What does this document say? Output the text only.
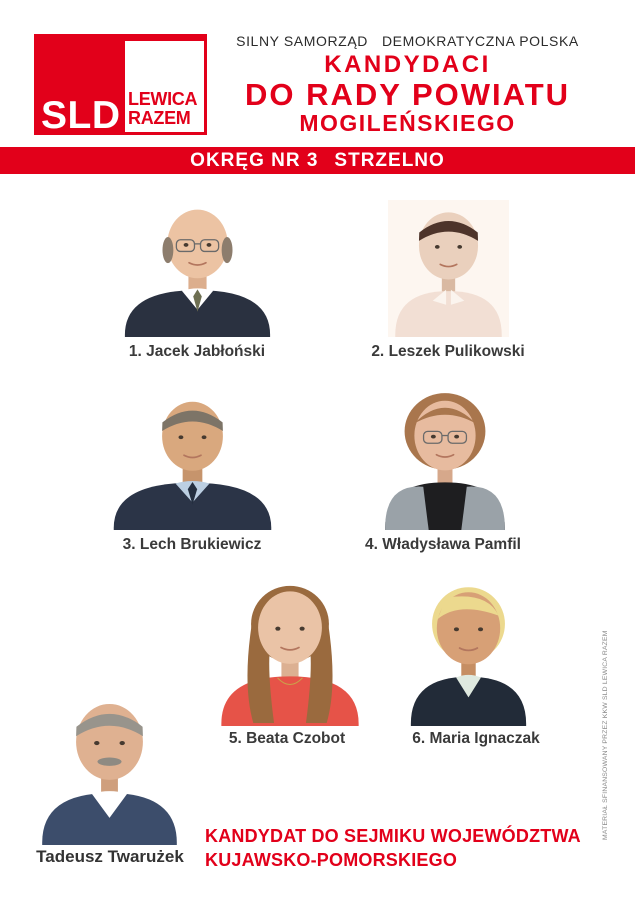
SLD LEWICA
RAZEM
SILNY SAMORZĄD DEMOKRATYCZNA POLSKA
KANDYDACI
DO RADY POWIATU
MOGILEŃSKIEGO
OKRĘG NR 3 STRZELNO
1. Jacek Jabłoński	2. Leszek Pulikowski
3. Lech Brukiewicz	4. Władysława Pamfil
5. Beata Czobot	6. Maria Ignaczak
Tadeusz Twarużek
KANDYDAT DO SEJMIKU WOJEWÓDZTWA
KUJAWSKO-POMORSKIEGO
MATERIAŁ SFINANSOWANY PRZEZ KKW SLD LEWICA RAZEM
